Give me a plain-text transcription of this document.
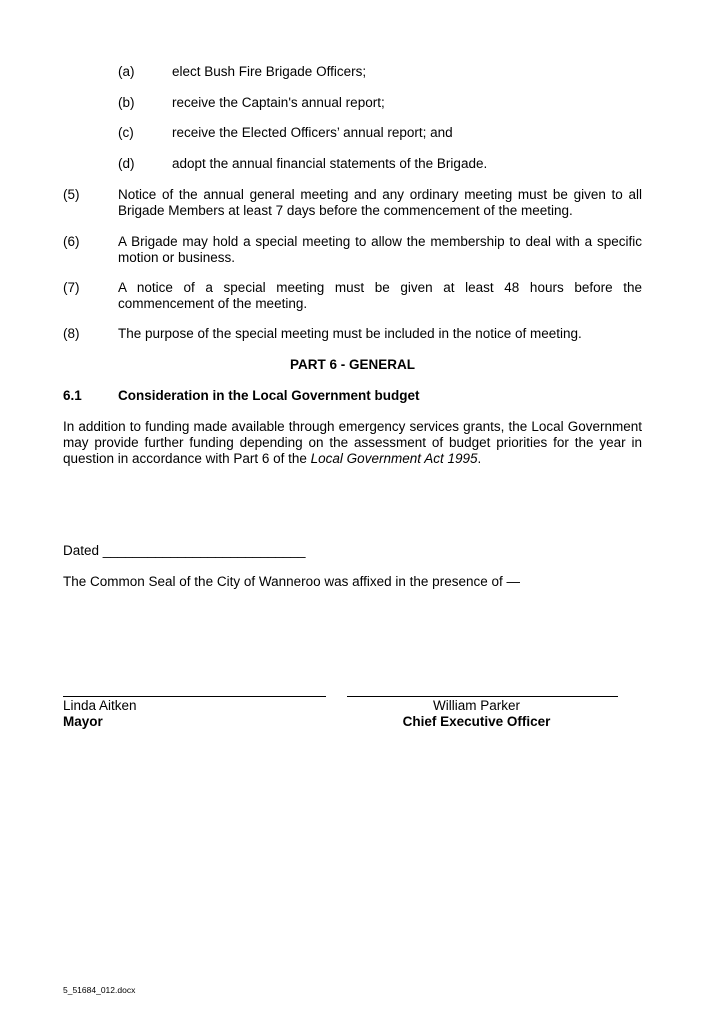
(a)	elect Bush Fire Brigade Officers;
(b)	receive the Captain's annual report;
(c)	receive the Elected Officers’ annual report; and
(d)	adopt the annual financial statements of the Brigade.
(5)	Notice of the annual general meeting and any ordinary meeting must be given to all Brigade Members at least 7 days before the commencement of the meeting.
(6)	A Brigade may hold a special meeting to allow the membership to deal with a specific motion or business.
(7)	A notice of a special meeting must be given at least 48 hours before the commencement of the meeting.
(8)	The purpose of the special meeting must be included in the notice of meeting.
PART 6 - GENERAL
6.1	Consideration in the Local Government budget
In addition to funding made available through emergency services grants, the Local Government may provide further funding depending on the assessment of budget priorities for the year in question in accordance with Part 6 of the Local Government Act 1995.
Dated ___________________________
The Common Seal of the City of Wanneroo was affixed in the presence of —
Linda Aitken
Mayor
William Parker
Chief Executive Officer
5_51684_012.docx
